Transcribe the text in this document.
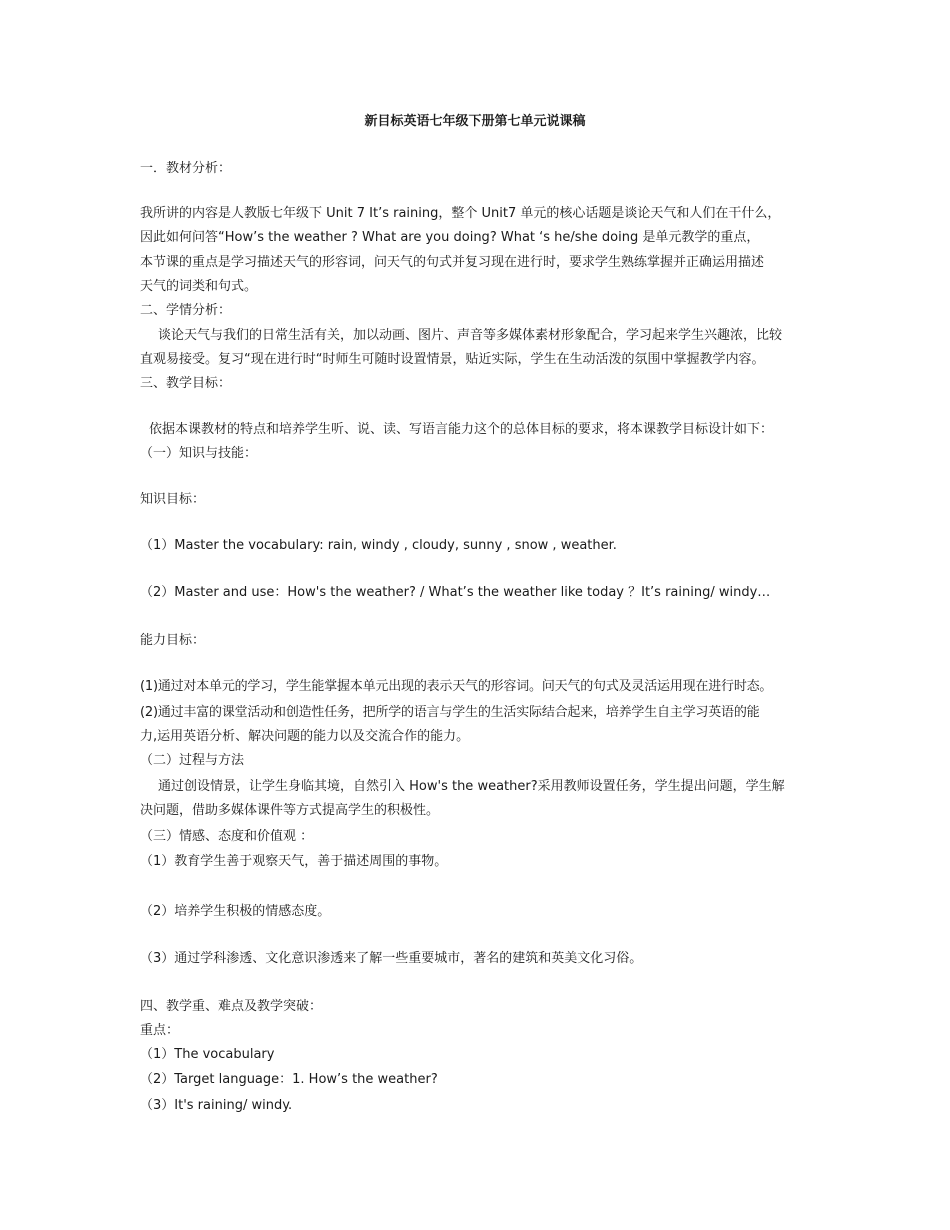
新目标英语七年级下册第七单元说课稿
一．教材分析：
我所讲的内容是人教版七年级下 Unit 7 It’s raining，整个 Unit7 单元的核心话题是谈论天气和人们在干什么，
因此如何问答“How’s the weather ? What are you doing? What ‘s he/she doing 是单元教学的重点，
本节课的重点是学习描述天气的形容词，问天气的句式并复习现在进行时，要求学生熟练掌握并正确运用描述
天气的词类和句式。
二、学情分析：
谈论天气与我们的日常生活有关，加以动画、图片、声音等多媒体素材形象配合，学习起来学生兴趣浓，比较
直观易接受。复习“现在进行时“时师生可随时设置情景，贴近实际，学生在生动活泼的氛围中掌握教学内容。
三、教学目标：
依据本课教材的特点和培养学生听、说、读、写语言能力这个的总体目标的要求，将本课教学目标设计如下：
（一）知识与技能：
知识目标：
（1）Master the vocabulary: rain, windy , cloudy, sunny , snow , weather.
（2）Master and use：How's the weather? / What’s the weather like today ？It’s raining/ windy…
能力目标：
(1)通过对本单元的学习，学生能掌握本单元出现的表示天气的形容词。问天气的句式及灵活运用现在进行时态。
(2)通过丰富的课堂活动和创造性任务，把所学的语言与学生的生活实际结合起来，培养学生自主学习英语的能
力,运用英语分析、解决问题的能力以及交流合作的能力。
（二）过程与方法
通过创设情景，让学生身临其境，自然引入 How's the weather?采用教师设置任务，学生提出问题，学生解
决问题，借助多媒体课件等方式提高学生的积极性。
（三）情感、态度和价值观 ：
（1）教育学生善于观察天气，善于描述周围的事物。
（2）培养学生积极的情感态度。
（3）通过学科渗透、文化意识渗透来了解一些重要城市，著名的建筑和英美文化习俗。
四、教学重、难点及教学突破：
重点：
（1）The vocabulary
（2）Target language：1. How’s the weather?
（3）It's raining/ windy.
